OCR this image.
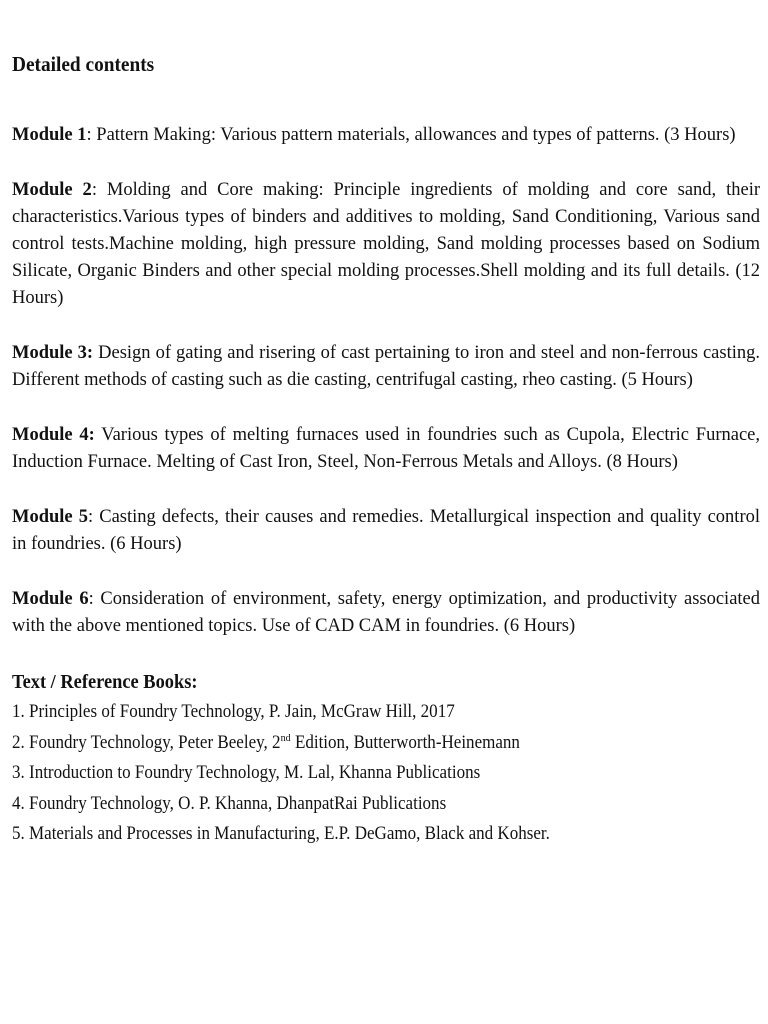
Detailed contents
Module 1: Pattern Making: Various pattern materials, allowances and types of patterns. (3 Hours)
Module 2: Molding and Core making: Principle ingredients of molding and core sand, their characteristics.Various types of binders and additives to molding, Sand Conditioning, Various sand control tests.Machine molding, high pressure molding, Sand molding processes based on Sodium Silicate, Organic Binders and other special molding processes.Shell molding and its full details. (12 Hours)
Module 3: Design of gating and risering of cast pertaining to iron and steel and non-ferrous casting. Different methods of casting such as die casting, centrifugal casting, rheo casting. (5 Hours)
Module 4: Various types of melting furnaces used in foundries such as Cupola, Electric Furnace, Induction Furnace. Melting of Cast Iron, Steel, Non-Ferrous Metals and Alloys. (8 Hours)
Module 5: Casting defects, their causes and remedies. Metallurgical inspection and quality control in foundries. (6 Hours)
Module 6: Consideration of environment, safety, energy optimization, and productivity associated with the above mentioned topics. Use of CAD CAM in foundries. (6 Hours)
Text / Reference Books:
1. Principles of Foundry Technology, P. Jain, McGraw Hill, 2017
2. Foundry Technology, Peter Beeley, 2nd Edition, Butterworth-Heinemann
3. Introduction to Foundry Technology, M. Lal, Khanna Publications
4. Foundry Technology, O. P. Khanna, DhanpatRai Publications
5. Materials and Processes in Manufacturing, E.P. DeGamo, Black and Kohser.
